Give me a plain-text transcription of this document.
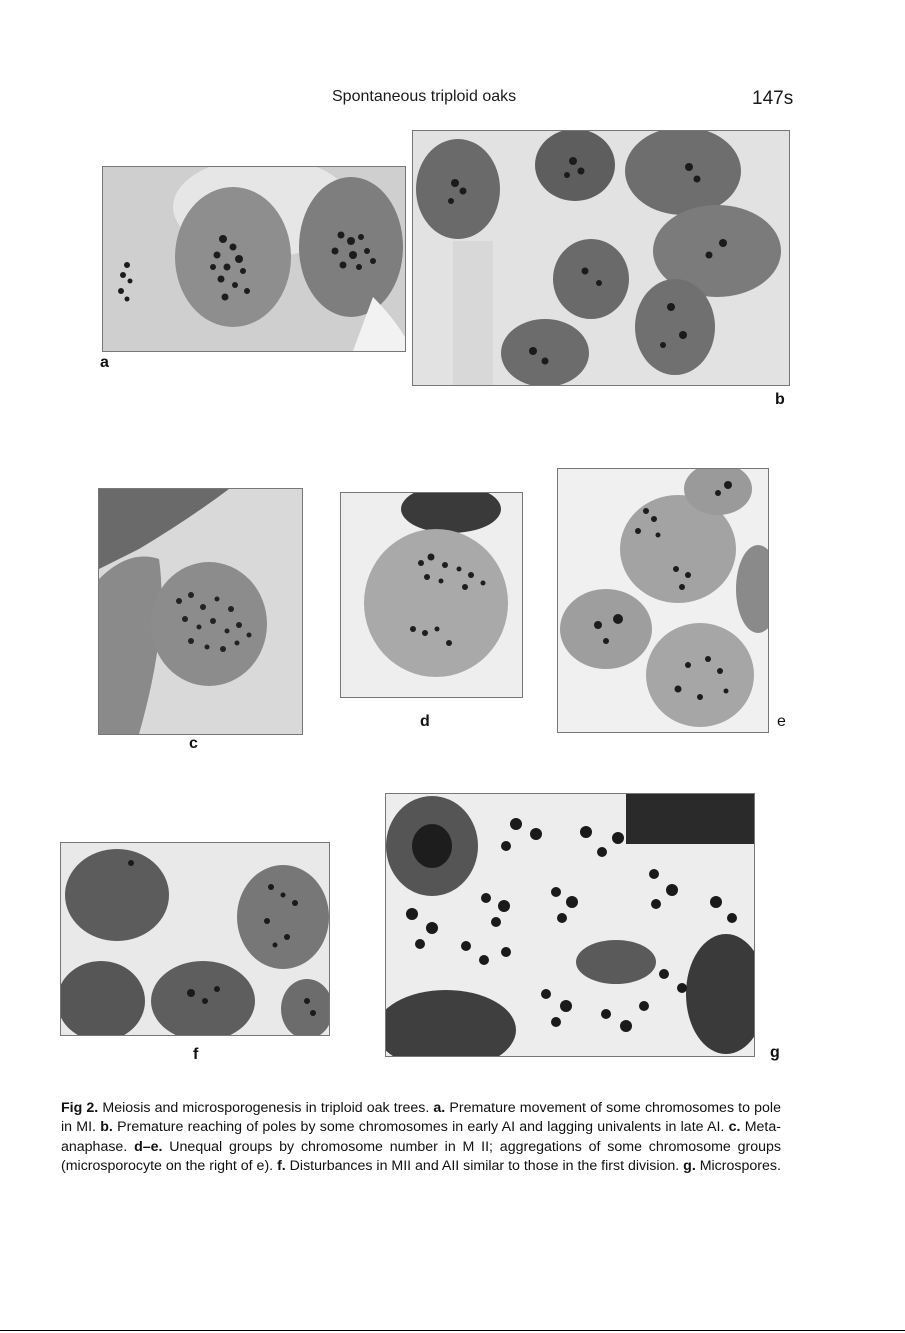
Spontaneous triploid oaks	147s
a
b
c
d	e
f	g
Fig 2. Meiosis and microsporogenesis in triploid oak trees. a. Premature movement of some chromosomes to pole in MI. b. Premature reaching of poles by some chromosomes in early AI and lagging univalents in late AI. c. Meta-anaphase. d–e. Unequal groups by chromosome number in M II; aggregations of some chromosome groups (microsporocyte on the right of e). f. Disturbances in MII and AII similar to those in the first division. g. Microspores.
